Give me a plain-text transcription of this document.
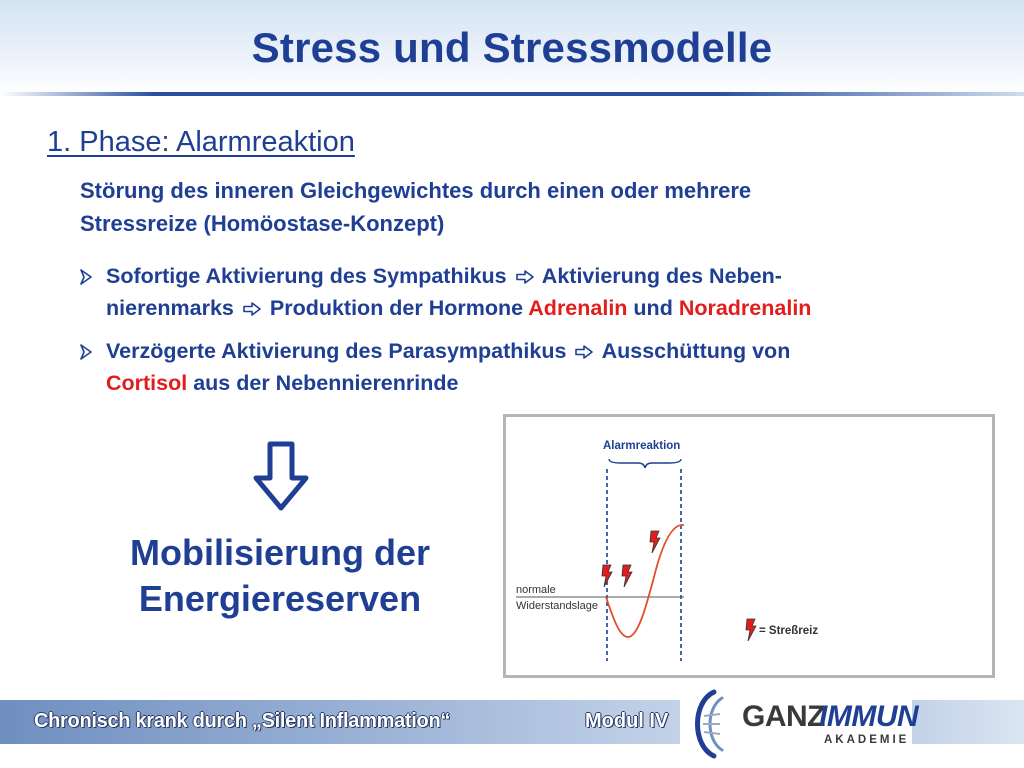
Stress und Stressmodelle
1. Phase: Alarmreaktion
Störung des inneren Gleichgewichtes durch einen oder mehrere
Stressreize (Homöostase-Konzept)
Sofortige Aktivierung des Sympathikus Aktivierung des Neben-
nierenmarks Produktion der Hormone Adrenalin und Noradrenalin
Verzögerte Aktivierung des Parasympathikus Ausschüttung von
Cortisol aus der Nebennierenrinde
Mobilisierung der
Energiereserven
Alarmreaktion
normale
Widerstandslage
= Streßreiz
Chronisch krank durch „Silent Inflammation“	Modul IV GANZ
IMMUN
AKADEMIE
